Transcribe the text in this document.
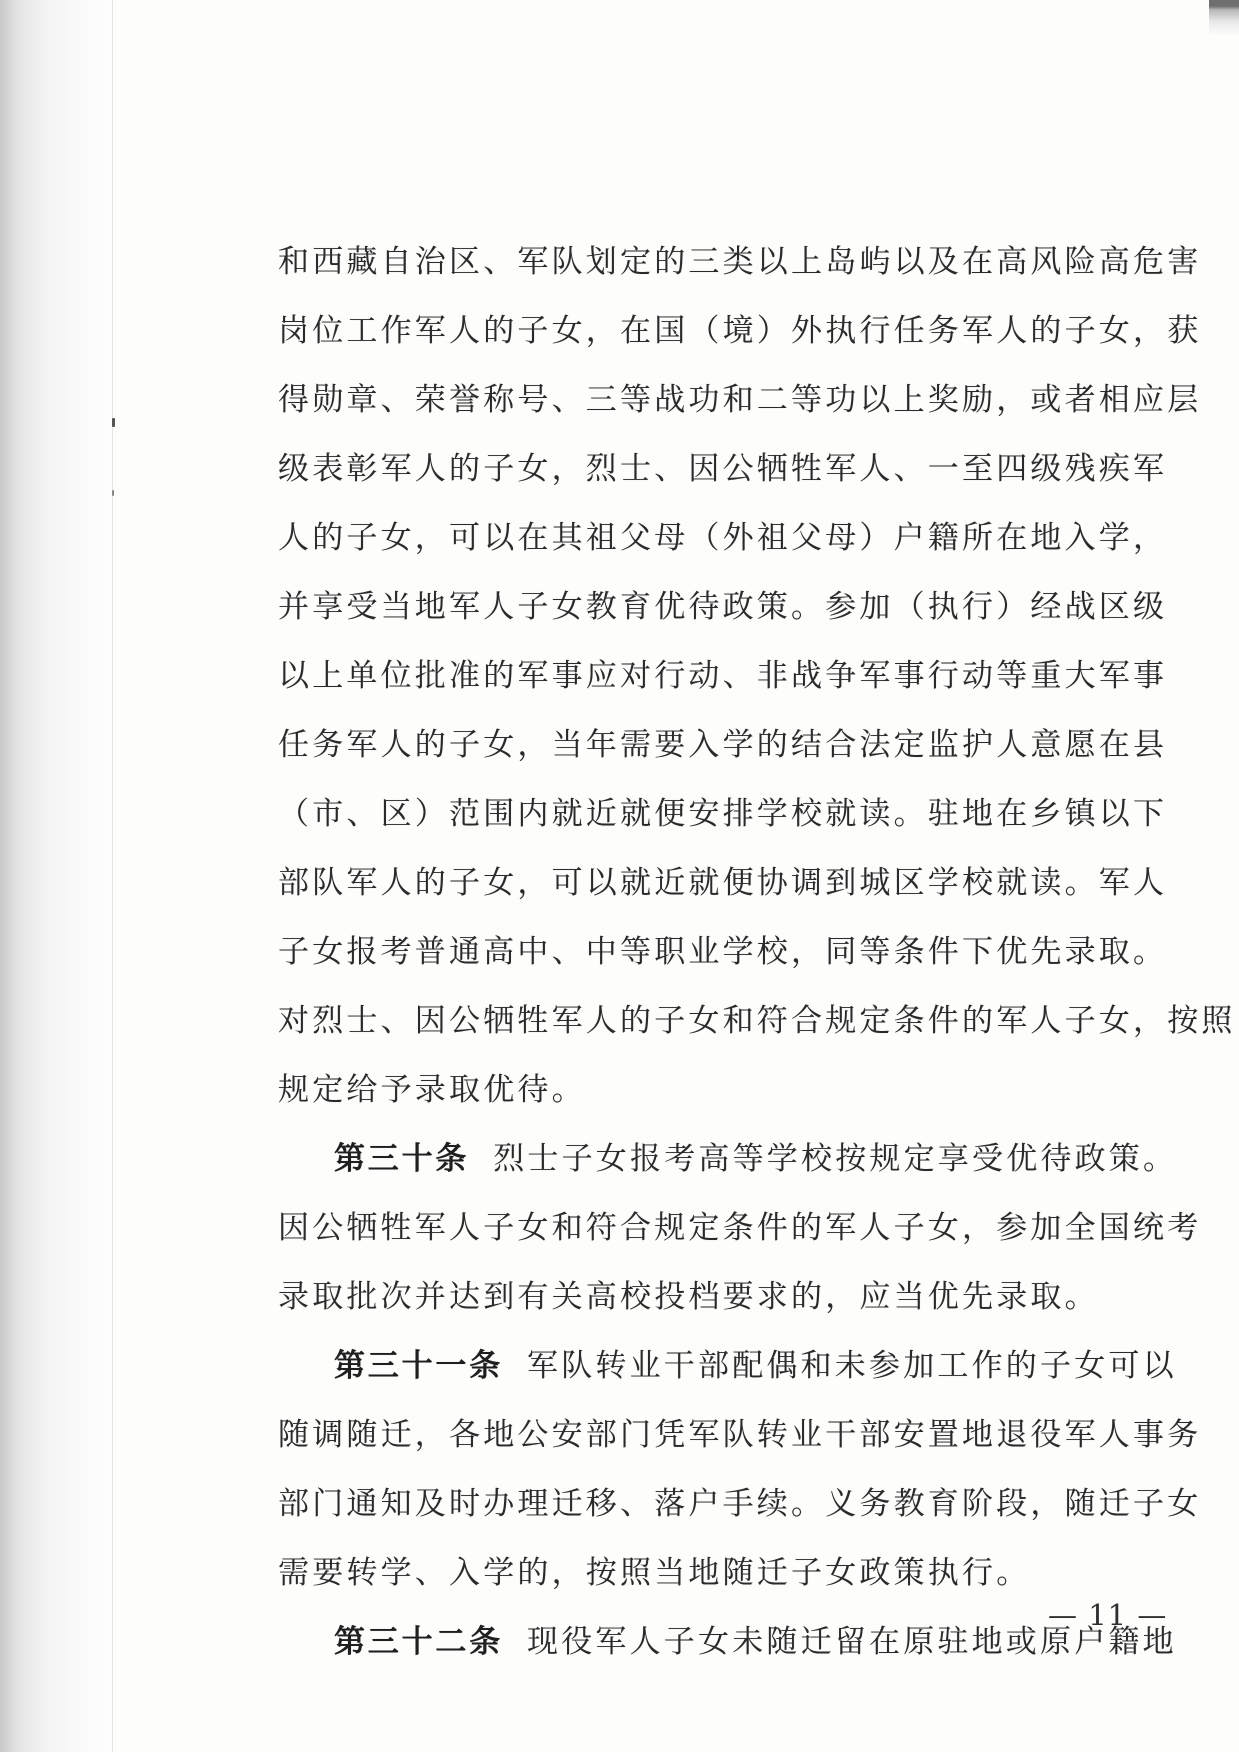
和西藏自治区、军队划定的三类以上岛屿以及在高风险高危害
岗位工作军人的子女，在国（境）外执行任务军人的子女，获
得勋章、荣誉称号、三等战功和二等功以上奖励，或者相应层
级表彰军人的子女，烈士、因公牺牲军人、一至四级残疾军
人的子女，可以在其祖父母（外祖父母）户籍所在地入学，
并享受当地军人子女教育优待政策。参加（执行）经战区级
以上单位批准的军事应对行动、非战争军事行动等重大军事
任务军人的子女，当年需要入学的结合法定监护人意愿在县
（市、区）范围内就近就便安排学校就读。驻地在乡镇以下
部队军人的子女，可以就近就便协调到城区学校就读。军人
子女报考普通高中、中等职业学校，同等条件下优先录取。
对烈士、因公牺牲军人的子女和符合规定条件的军人子女，按照
规定给予录取优待。
第三十条 烈士子女报考高等学校按规定享受优待政策。
因公牺牲军人子女和符合规定条件的军人子女，参加全国统考
录取批次并达到有关高校投档要求的，应当优先录取。
第三十一条 军队转业干部配偶和未参加工作的子女可以
随调随迁，各地公安部门凭军队转业干部安置地退役军人事务
部门通知及时办理迁移、落户手续。义务教育阶段，随迁子女
需要转学、入学的，按照当地随迁子女政策执行。
第三十二条 现役军人子女未随迁留在原驻地或原户籍地
— 11 —
